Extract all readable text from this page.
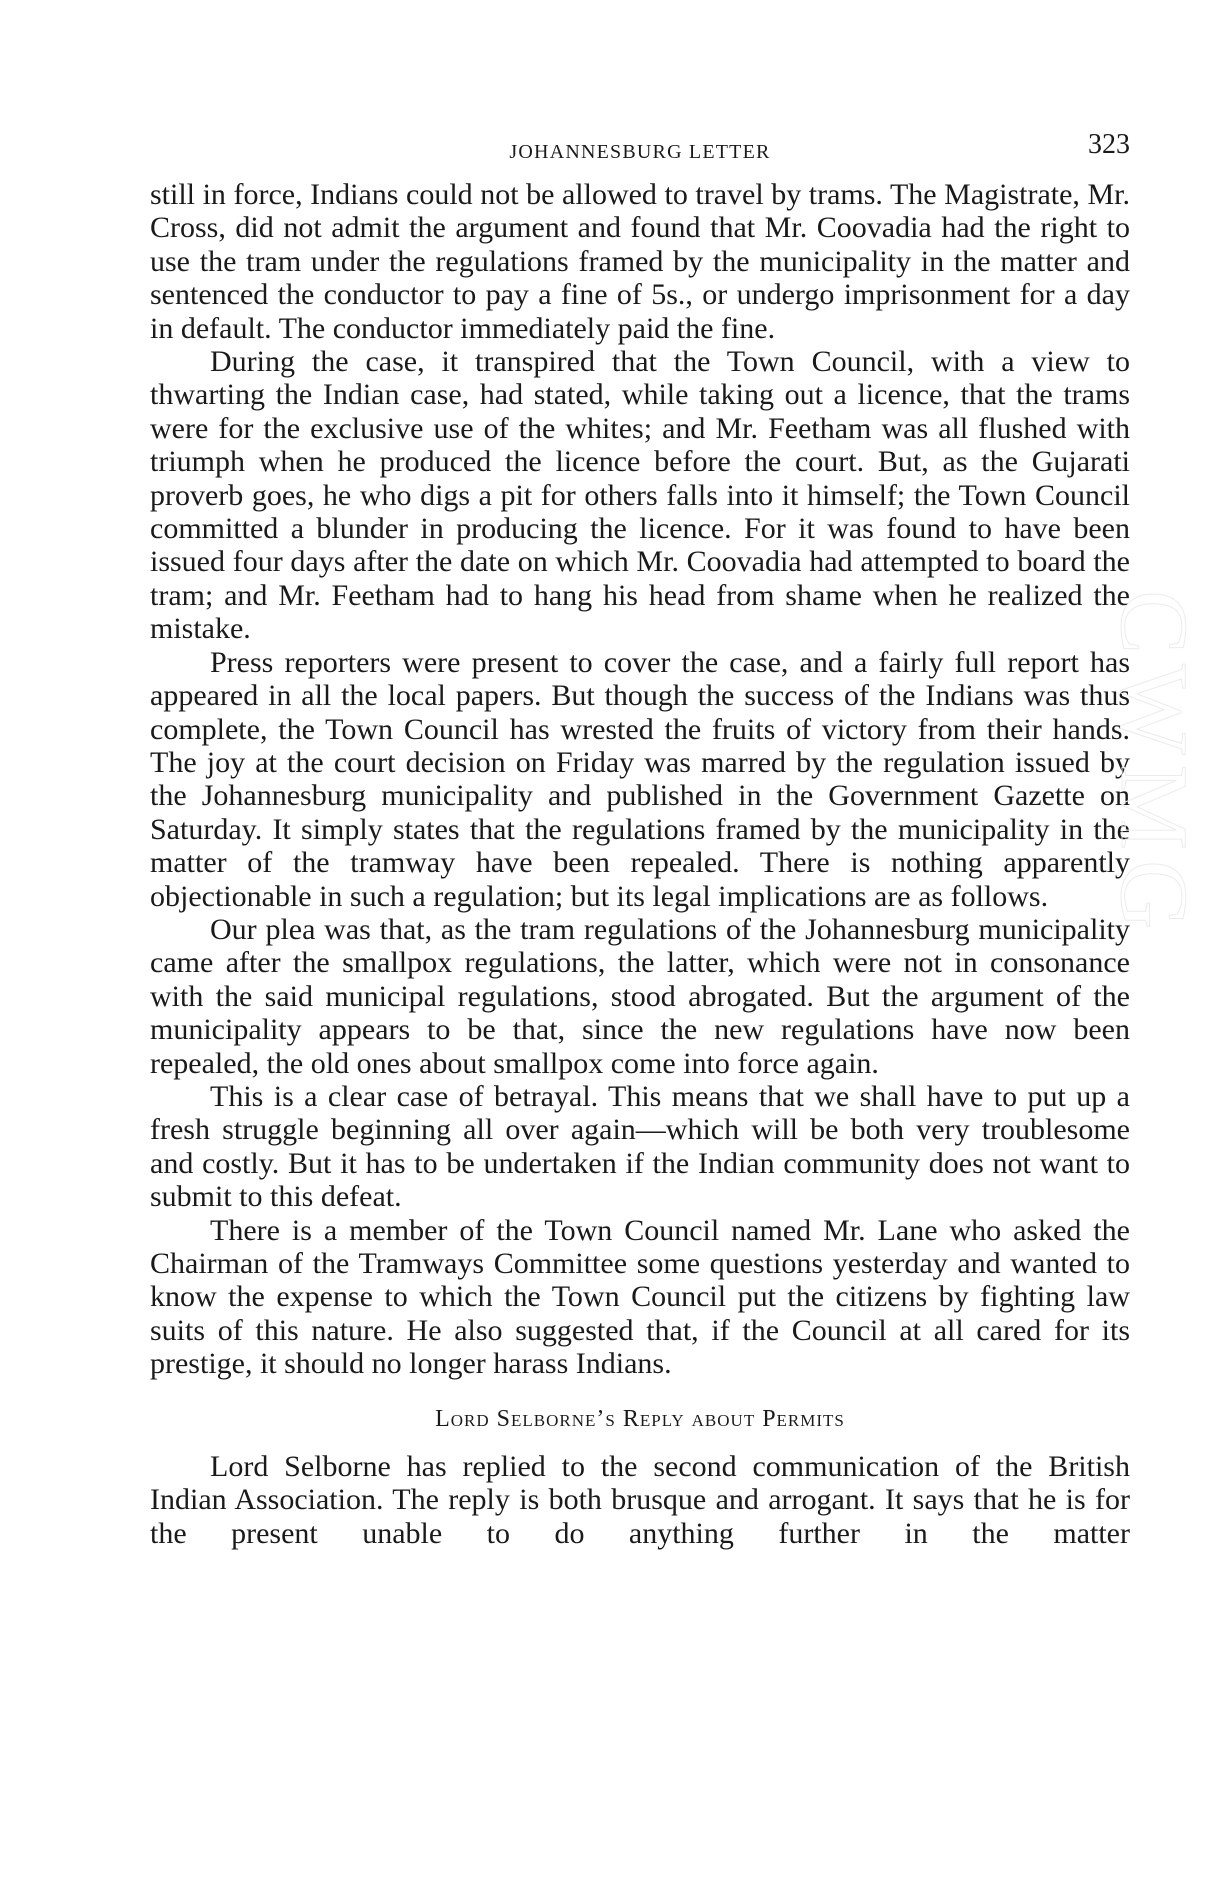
JOHANNESBURG LETTER	323

still in force, Indians could not be allowed to travel by trams. The Magistrate, Mr. Cross, did not admit the argument and found that Mr. Coovadia had the right to use the tram under the regulations framed by the municipality in the matter and sentenced the conductor to pay a fine of 5s., or undergo imprisonment for a day in default. The conductor immediately paid the fine.

During the case, it transpired that the Town Council, with a view to thwarting the Indian case, had stated, while taking out a licence, that the trams were for the exclusive use of the whites; and Mr. Feetham was all flushed with triumph when he produced the licence before the court. But, as the Gujarati proverb goes, he who digs a pit for others falls into it himself; the Town Council committed a blunder in producing the licence. For it was found to have been issued four days after the date on which Mr. Coovadia had attempted to board the tram; and Mr. Feetham had to hang his head from shame when he realized the mistake.

Press reporters were present to cover the case, and a fairly full report has appeared in all the local papers. But though the success of the Indians was thus complete, the Town Council has wrested the fruits of victory from their hands. The joy at the court decision on Friday was marred by the regulation issued by the Johannesburg municipality and published in the Government Gazette on Saturday. It simply states that the regulations framed by the municipality in the matter of the tramway have been repealed. There is nothing apparently objectionable in such a regulation; but its legal implications are as follows.

Our plea was that, as the tram regulations of the Johannesburg municipality came after the smallpox regulations, the latter, which were not in consonance with the said municipal regulations, stood abrogated. But the argument of the municipality appears to be that, since the new regulations have now been repealed, the old ones about smallpox come into force again.

This is a clear case of betrayal. This means that we shall have to put up a fresh struggle beginning all over again—which will be both very troublesome and costly. But it has to be undertaken if the Indian community does not want to submit to this defeat.

There is a member of the Town Council named Mr. Lane who asked the Chairman of the Tramways Committee some questions yesterday and wanted to know the expense to which the Town Council put the citizens by fighting law suits of this nature. He also suggested that, if the Council at all cared for its prestige, it should no longer harass Indians.

Lord Selborne’s Reply about Permits

Lord Selborne has replied to the second communication of the British Indian Association. The reply is both brusque and arrogant. It says that he is for the present unable to do anything further in the matter

CWMG
